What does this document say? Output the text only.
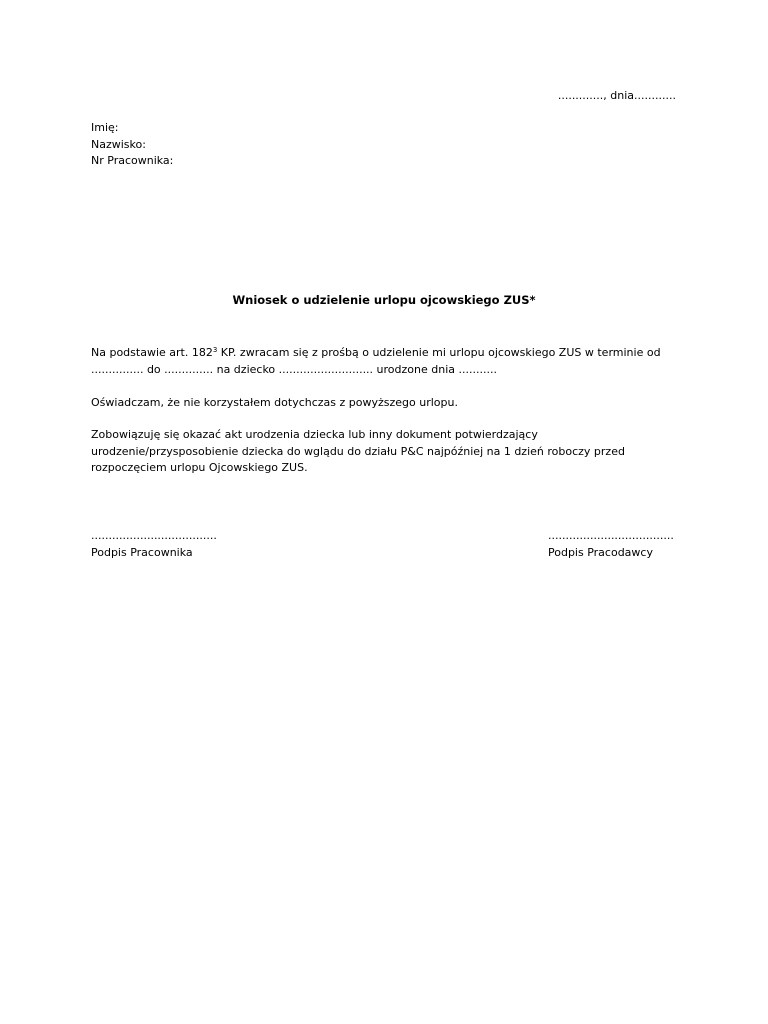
............., dnia............
Imię:
Nazwisko:
Nr Pracownika:
Wniosek o udzielenie urlopu ojcowskiego ZUS*
Na podstawie art. $182^3$ KP. zwracam się z prośbą o udzielenie mi urlopu ojcowskiego ZUS w terminie od
............... do .............. na dziecko ........................... urodzone dnia ...........
Oświadczam, że nie korzystałem dotychczas z powyższego urlopu.
Zobowiązuję się okazać akt urodzenia dziecka lub inny dokument potwierdzający
urodzenie/przysposobienie dziecka do wglądu do działu P&C najpóźniej na 1 dzień roboczy przed
rozpoczęciem urlopu Ojcowskiego ZUS.
....................................
Podpis Pracownika
....................................
Podpis Pracodawcy
